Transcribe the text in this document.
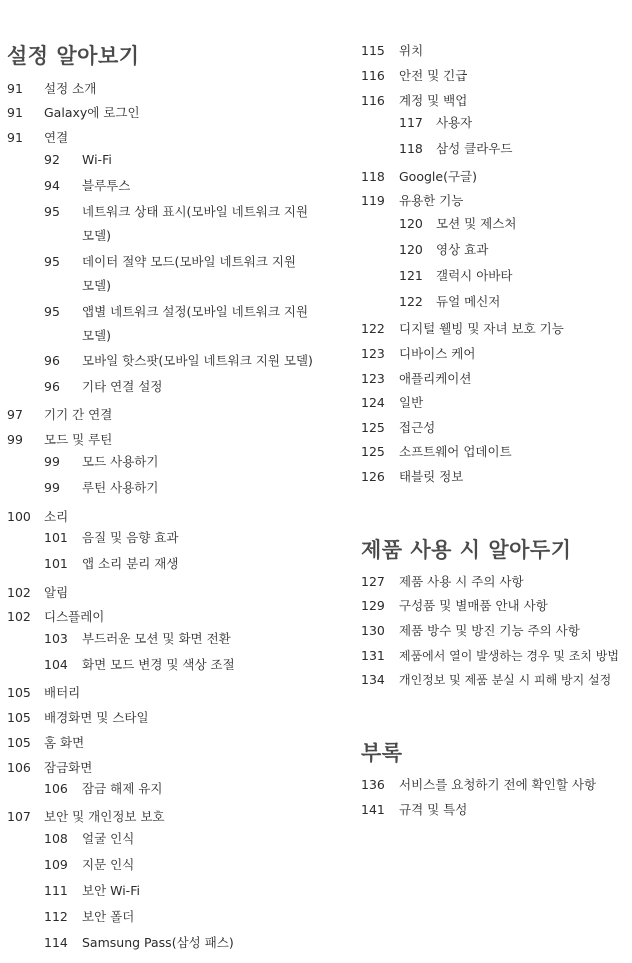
설정 알아보기
91 설정 소개
91 Galaxy에 로그인
91 연결
92 Wi-Fi
94 블루투스
95 네트워크 상태 표시(모바일 네트워크 지원
모델)
95 데이터 절약 모드(모바일 네트워크 지원
모델)
95 앱별 네트워크 설정(모바일 네트워크 지원
모델)
96 모바일 핫스팟(모바일 네트워크 지원 모델)
96 기타 연결 설정
97 기기 간 연결
99 모드 및 루틴
99 모드 사용하기
99 루틴 사용하기
100 소리
101 음질 및 음향 효과
101 앱 소리 분리 재생
102 알림
102 디스플레이
103 부드러운 모션 및 화면 전환
104 화면 모드 변경 및 색상 조절
105 배터리
105 배경화면 및 스타일
105 홈 화면
106 잠금화면
106 잠금 해제 유지
107 보안 및 개인정보 보호
108 얼굴 인식
109 지문 인식
111 보안 Wi-Fi
112 보안 폴더
114 Samsung Pass(삼성 패스)
115 위치
116 안전 및 긴급
116 계정 및 백업
117 사용자
118 삼성 클라우드
118 Google(구글)
119 유용한 기능
120 모션 및 제스처
120 영상 효과
121 갤럭시 아바타
122 듀얼 메신저
122 디지털 웰빙 및 자녀 보호 기능
123 디바이스 케어
123 애플리케이션
124 일반
125 접근성
125 소프트웨어 업데이트
126 태블릿 정보
제품 사용 시 알아두기
127 제품 사용 시 주의 사항
129 구성품 및 별매품 안내 사항
130 제품 방수 및 방진 기능 주의 사항
131 제품에서 열이 발생하는 경우 및 조치 방법
134 개인정보 및 제품 분실 시 피해 방지 설정
부록
136 서비스를 요청하기 전에 확인할 사항
141 규격 및 특성
